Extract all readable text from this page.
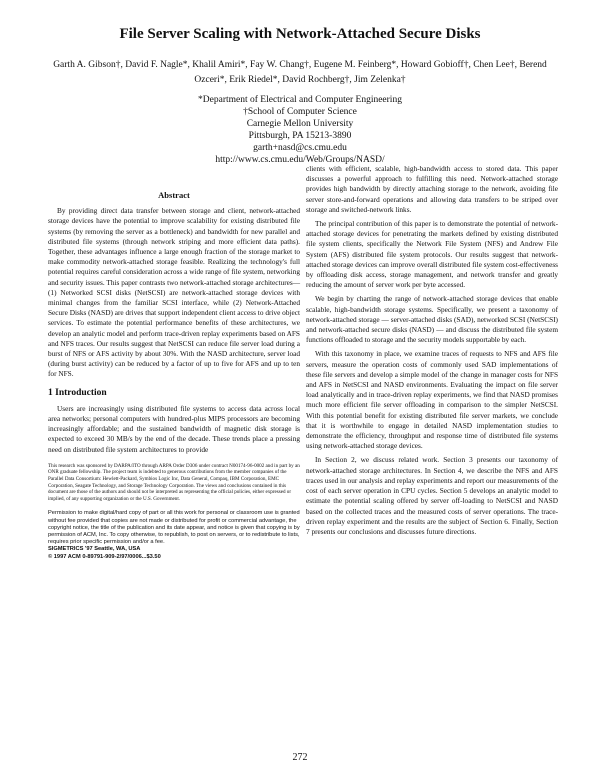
File Server Scaling with Network-Attached Secure Disks
Garth A. Gibson†, David F. Nagle*, Khalil Amiri*, Fay W. Chang†, Eugene M. Feinberg*, Howard Gobioff†, Chen Lee†, Berend Ozceri*, Erik Riedel*, David Rochberg†, Jim Zelenka†
*Department of Electrical and Computer Engineering
†School of Computer Science
Carnegie Mellon University
Pittsburgh, PA 15213-3890
garth+nasd@cs.cmu.edu
http://www.cs.cmu.edu/Web/Groups/NASD/
Abstract

By providing direct data transfer between storage and client, network-attached storage devices have the potential to improve scalability for existing distributed file systems (by removing the server as a bottleneck) and bandwidth for new parallel and distributed file systems (through network striping and more efficient data paths). Together, these advantages influence a large enough fraction of the storage market to make commodity network-attached storage feasible. Realizing the technology's full potential requires careful consideration across a wide range of file system, networking and security issues. This paper contrasts two network-attached storage architectures—(1) Networked SCSI disks (NetSCSI) are network-attached storage devices with minimal changes from the familiar SCSI interface, while (2) Network-Attached Secure Disks (NASD) are drives that support independent client access to drive object services. To estimate the potential performance benefits of these architectures, we develop an analytic model and perform trace-driven replay experiments based on AFS and NFS traces. Our results suggest that NetSCSI can reduce file server load during a burst of NFS or AFS activity by about 30%. With the NASD architecture, server load (during burst activity) can be reduced by a factor of up to five for AFS and up to ten for NFS.

1 Introduction

Users are increasingly using distributed file systems to access data across local area networks; personal computers with hundred-plus MIPS processors are becoming increasingly affordable; and the sustained bandwidth of magnetic disk storage is expected to exceed 30 MB/s by the end of the decade. These trends place a pressing need on distributed file system architectures to provide

This research was sponsored by DARPA/ITO through ARPA Order D306 under contract N00174-96-0002 and in part by an ONR graduate fellowship. The project team is indebted to generous contributions from the member companies of the Parallel Data Consortium: Hewlett-Packard, Symbios Logic Inc, Data General, Compaq, IBM Corporation, EMC Corporation, Seagate Technology, and Storage Technology Corporation. The views and conclusions contained in this document are those of the authors and should not be interpreted as representing the official policies, either expressed or implied, of any supporting organization or the U.S. Government.

Permission to make digital/hard copy of part or all this work for personal or classroom use is granted without fee provided that copies are not made or distributed for profit or commercial advantage, the copyright notice, the title of the publication and its date appear, and notice is given that copying is by permission of ACM, Inc. To copy otherwise, to republish, to post on servers, or to redistribute to lists, requires prior specific permission and/or a fee.

SIGMETRICS '97 Seattle, WA, USA

© 1997 ACM 0-89791-909-2/97/0006...$3.50

clients with efficient, scalable, high-bandwidth access to stored data. This paper discusses a powerful approach to fulfilling this need. Network-attached storage provides high bandwidth by directly attaching storage to the network, avoiding file server store-and-forward operations and allowing data transfers to be striped over storage and switched-network links.

The principal contribution of this paper is to demonstrate the potential of network-attached storage devices for penetrating the markets defined by existing distributed file system clients, specifically the Network File System (NFS) and Andrew File System (AFS) distributed file system protocols. Our results suggest that network-attached storage devices can improve overall distributed file system cost-effectiveness by offloading disk access, storage management, and network transfer and greatly reducing the amount of server work per byte accessed.

We begin by charting the range of network-attached storage devices that enable scalable, high-bandwidth storage systems. Specifically, we present a taxonomy of network-attached storage — server-attached disks (SAD), networked SCSI (NetSCSI) and network-attached secure disks (NASD) — and discuss the distributed file system functions offloaded to storage and the security models supportable by each.

With this taxonomy in place, we examine traces of requests to NFS and AFS file servers, measure the operation costs of commonly used SAD implementations of these file servers and develop a simple model of the change in manager costs for NFS and AFS in NetSCSI and NASD environments. Evaluating the impact on file server load analytically and in trace-driven replay experiments, we find that NASD promises much more efficient file server offloading in comparison to the simpler NetSCSI. With this potential benefit for existing distributed file server markets, we conclude that it is worthwhile to engage in detailed NASD implementation studies to demonstrate the efficiency, throughput and response time of distributed file systems using network-attached storage devices.

In Section 2, we discuss related work. Section 3 presents our taxonomy of network-attached storage architectures. In Section 4, we describe the NFS and AFS traces used in our analysis and replay experiments and report our measurements of the cost of each server operation in CPU cycles. Section 5 develops an analytic model to estimate the potential scaling offered by server off-loading to NetSCSI and NASD based on the collected traces and the measured costs of server operations. The trace-driven replay experiment and the results are the subject of Section 6. Finally, Section 7 presents our conclusions and discusses future directions.

272
